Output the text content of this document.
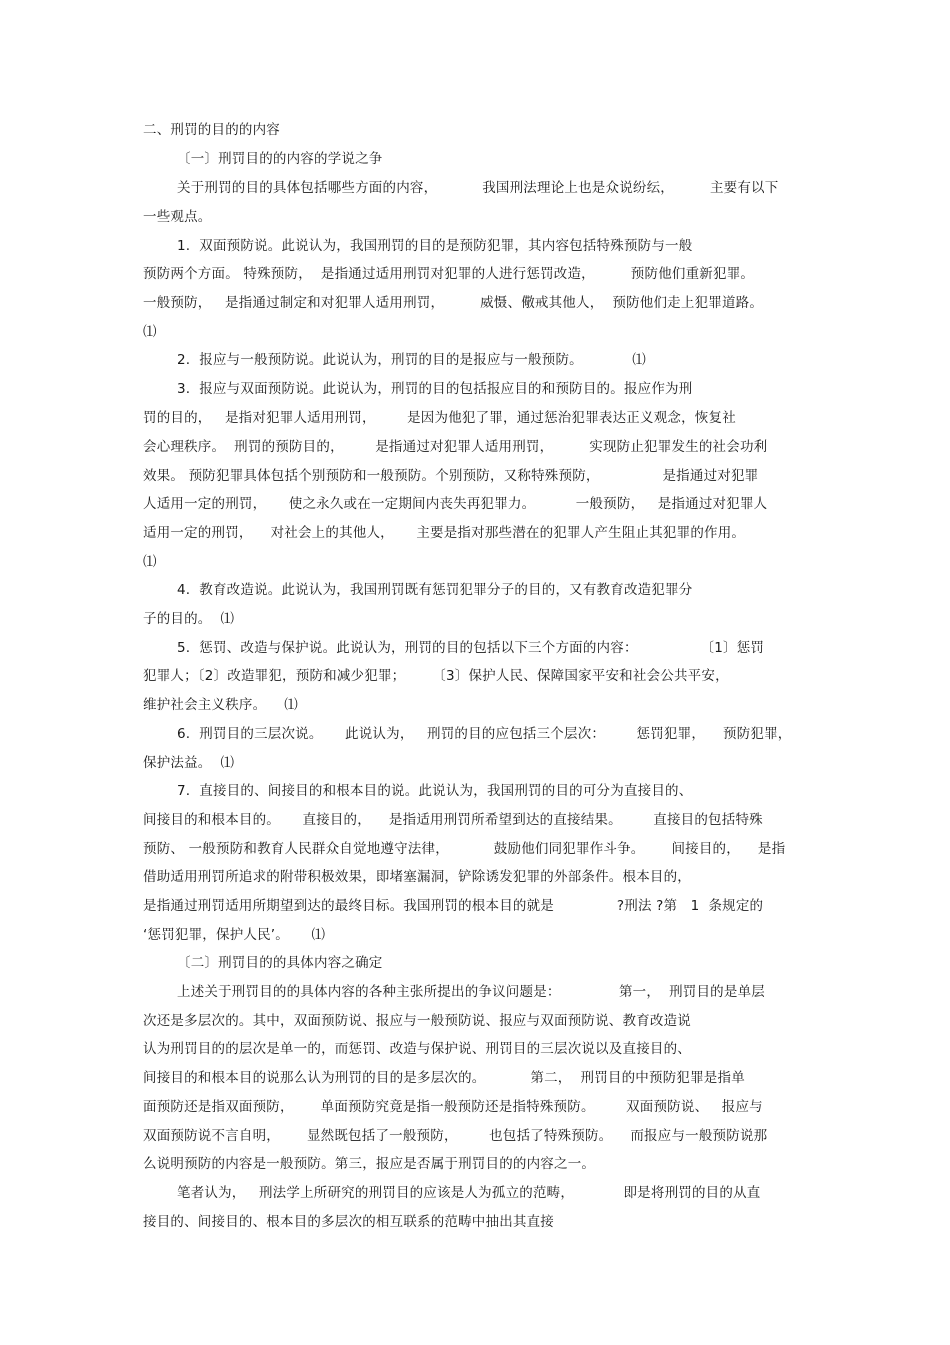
二、刑罚的目的的内容
〔一〕刑罚目的的内容的学说之争
关于刑罚的目的具体包括哪些方面的内容，          我国刑法理论上也是众说纷纭，        主要有以下
一些观点。
1.  双面预防说。此说认为，我国刑罚的目的是预防犯罪，其内容包括特殊预防与一般
预防两个方面。 特殊预防，  是指通过适用刑罚对犯罪的人进行惩罚改造，        预防他们重新犯罪。
一般预防，   是指通过制定和对犯罪人适用刑罚，        威慑、儆戒其他人，  预防他们走上犯罪道路。
⑴
2.  报应与一般预防说。此说认为，刑罚的目的是报应与一般预防。           ⑴
3.  报应与双面预防说。此说认为，刑罚的目的包括报应目的和预防目的。报应作为刑
罚的目的，   是指对犯罪人适用刑罚，       是因为他犯了罪，通过惩治犯罪表达正义观念，恢复社
会心理秩序。  刑罚的预防目的，       是指通过对犯罪人适用刑罚，        实现防止犯罪发生的社会功利
效果。 预防犯罪具体包括个别预防和一般预防。个别预防，又称特殊预防，              是指通过对犯罪
人适用一定的刑罚，     使之永久或在一定期间内丧失再犯罪力。         一般预防，   是指通过对犯罪人
适用一定的刑罚，    对社会上的其他人，     主要是指对那些潜在的犯罪人产生阻止其犯罪的作用。
⑴
4.  教育改造说。此说认为，我国刑罚既有惩罚犯罪分子的目的，又有教育改造犯罪分
子的目的。  ⑴
5.  惩罚、改造与保护说。此说认为，刑罚的目的包括以下三个方面的内容：              〔1〕惩罚
犯罪人；〔2〕改造罪犯，预防和减少犯罪；      〔3〕保护人民、保障国家平安和社会公共平安，
维护社会主义秩序。    ⑴
6.  刑罚目的三层次说。     此说认为，   刑罚的目的应包括三个层次：       惩罚犯罪，    预防犯罪，
保护法益。  ⑴
7.  直接目的、间接目的和根本目的说。此说认为，我国刑罚的目的可分为直接目的、
间接目的和根本目的。     直接目的，    是指适用刑罚所希望到达的直接结果。       直接目的包括特殊
预防、 一般预防和教育人民群众自觉地遵守法律，          鼓励他们同犯罪作斗争。      间接目的，    是指
借助适用刑罚所追求的附带积极效果，即堵塞漏洞，铲除诱发犯罪的外部条件。根本目的，
是指通过刑罚适用所期望到达的最终目标。我国刑罚的根本目的就是              ?刑法 ?第   1  条规定的
‘惩罚犯罪，保护人民’。     ⑴
〔二〕刑罚目的的具体内容之确定
上述关于刑罚目的的具体内容的各种主张所提出的争议问题是：             第一，  刑罚目的是单层
次还是多层次的。其中，双面预防说、报应与一般预防说、报应与双面预防说、教育改造说
认为刑罚目的的层次是单一的，而惩罚、改造与保护说、刑罚目的三层次说以及直接目的、
间接目的和根本目的说那么认为刑罚的目的是多层次的。          第二，  刑罚目的中预防犯罪是指单
面预防还是指双面预防，      单面预防究竟是指一般预防还是指特殊预防。       双面预防说、   报应与
双面预防说不言自明，      显然既包括了一般预防，       也包括了特殊预防。    而报应与一般预防说那
么说明预防的内容是一般预防。第三，报应是否属于刑罚目的的内容之一。
笔者认为，   刑法学上所研究的刑罚目的应该是人为孤立的范畴，           即是将刑罚的目的从直
接目的、间接目的、根本目的多层次的相互联系的范畴中抽出其直接
